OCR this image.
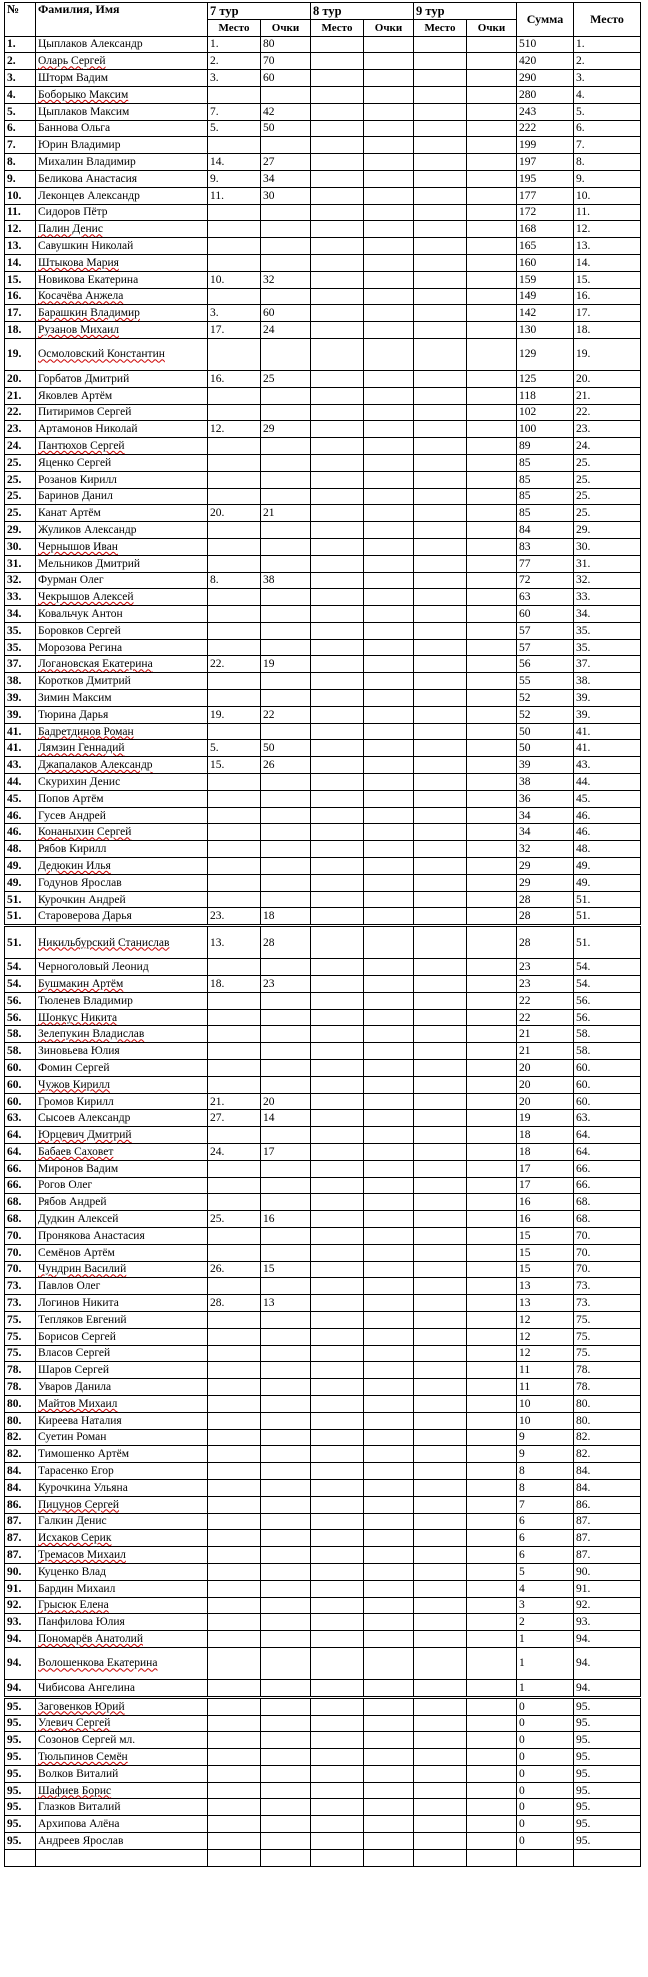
№	Фамилия, Имя	7 тур		8 тур		9 тур		Сумма	Место
		Место	Очки	Место	Очки	Место	Очки		
1.	Цыплаков Александр	1.	80					510	1.
2.	Оларь Сергей	2.	70					420	2.
3.	Шторм Вадим	3.	60					290	3.
4.	Боборыко Максим							280	4.
5.	Цыплаков Максим	7.	42					243	5.
6.	Баннова Ольга	5.	50					222	6.
7.	Юрин Владимир							199	7.
8.	Михалин Владимир	14.	27					197	8.
9.	Беликова Анастасия	9.	34					195	9.
10.	Леконцев Александр	11.	30					177	10.
11.	Сидоров Пётр							172	11.
12.	Палин Денис							168	12.
13.	Савушкин Николай							165	13.
14.	Штыкова Мария							160	14.
15.	Новикова Екатерина	10.	32					159	15.
16.	Косачёва Анжела							149	16.
17.	Барашкин Владимир	3.	60					142	17.
18.	Рузанов Михаил	17.	24					130	18.
19.	Осмоловский Константин							129	19.
20.	Горбатов Дмитрий	16.	25					125	20.
21.	Яковлев Артём							118	21.
22.	Питиримов Сергей							102	22.
23.	Артамонов Николай	12.	29					100	23.
24.	Пантюхов Сергей							89	24.
25.	Яценко Сергей							85	25.
25.	Розанов Кирилл							85	25.
25.	Баринов Данил							85	25.
25.	Канат Артём	20.	21					85	25.
29.	Жуликов Александр							84	29.
30.	Чернышов Иван							83	30.
31.	Мельников Дмитрий							77	31.
32.	Фурман Олег	8.	38					72	32.
33.	Чекрышов Алексей							63	33.
34.	Ковальчук Антон							60	34.
35.	Боровков Сергей							57	35.
35.	Морозова Регина							57	35.
37.	Логановская Екатерина	22.	19					56	37.
38.	Коротков Дмитрий							55	38.
39.	Зимин Максим							52	39.
39.	Тюрина Дарья	19.	22					52	39.
41.	Бадретдинов Роман							50	41.
41.	Лямзин Геннадий	5.	50					50	41.
43.	Джапалаков Александр	15.	26					39	43.
44.	Скурихин Денис							38	44.
45.	Попов Артём							36	45.
46.	Гусев Андрей							34	46.
46.	Конаныхин Сергей							34	46.
48.	Рябов Кирилл							32	48.
49.	Дедюкин Илья							29	49.
49.	Годунов Ярослав							29	49.
51.	Курочкин Андрей							28	51.
51.	Староверова Дарья	23.	18					28	51.
51.	Никильбурский Станислав	13.	28					28	51.
54.	Черноголовый Леонид							23	54.
54.	Бушмакин Артём	18.	23					23	54.
56.	Тюленев Владимир							22	56.
56.	Шонкус Никита							22	56.
58.	Зелепукин Владислав							21	58.
58.	Зиновьева Юлия							21	58.
60.	Фомин Сергей							20	60.
60.	Чужов Кирилл							20	60.
60.	Громов Кирилл	21.	20					20	60.
63.	Сысоев Александр	27.	14					19	63.
64.	Юрцевич Дмитрий							18	64.
64.	Бабаев Саховет	24.	17					18	64.
66.	Миронов Вадим							17	66.
66.	Рогов Олег							17	66.
68.	Рябов Андрей							16	68.
68.	Дудкин Алексей	25.	16					16	68.
70.	Пронякова Анастасия							15	70.
70.	Семёнов Артём							15	70.
70.	Чундрин Василий	26.	15					15	70.
73.	Павлов Олег							13	73.
73.	Логинов Никита	28.	13					13	73.
75.	Тепляков Евгений							12	75.
75.	Борисов Сергей							12	75.
75.	Власов Сергей							12	75.
78.	Шаров Сергей							11	78.
78.	Уваров Данила							11	78.
80.	Майтов Михаил							10	80.
80.	Киреева Наталия							10	80.
82.	Суетин Роман							9	82.
82.	Тимошенко Артём							9	82.
84.	Тарасенко Егор							8	84.
84.	Курочкина Ульяна							8	84.
86.	Пицунов Сергей							7	86.
87.	Галкин Денис							6	87.
87.	Исхаков Серик							6	87.
87.	Тремасов Михаил							6	87.
90.	Куценко Влад							5	90.
91.	Бардин Михаил							4	91.
92.	Грысюк Елена							3	92.
93.	Панфилова Юлия							2	93.
94.	Пономарёв Анатолий							1	94.
94.	Волошенкова Екатерина							1	94.
94.	Чибисова Ангелина							1	94.
95.	Заговенков Юрий							0	95.
95.	Улевич Сергей							0	95.
95.	Созонов Сергей мл.							0	95.
95.	Тюльпинов Семён							0	95.
95.	Волков Виталий							0	95.
95.	Шафиев Борис							0	95.
95.	Глазков Виталий							0	95.
95.	Архипова Алёна							0	95.
95.	Андреев Ярослав							0	95.
